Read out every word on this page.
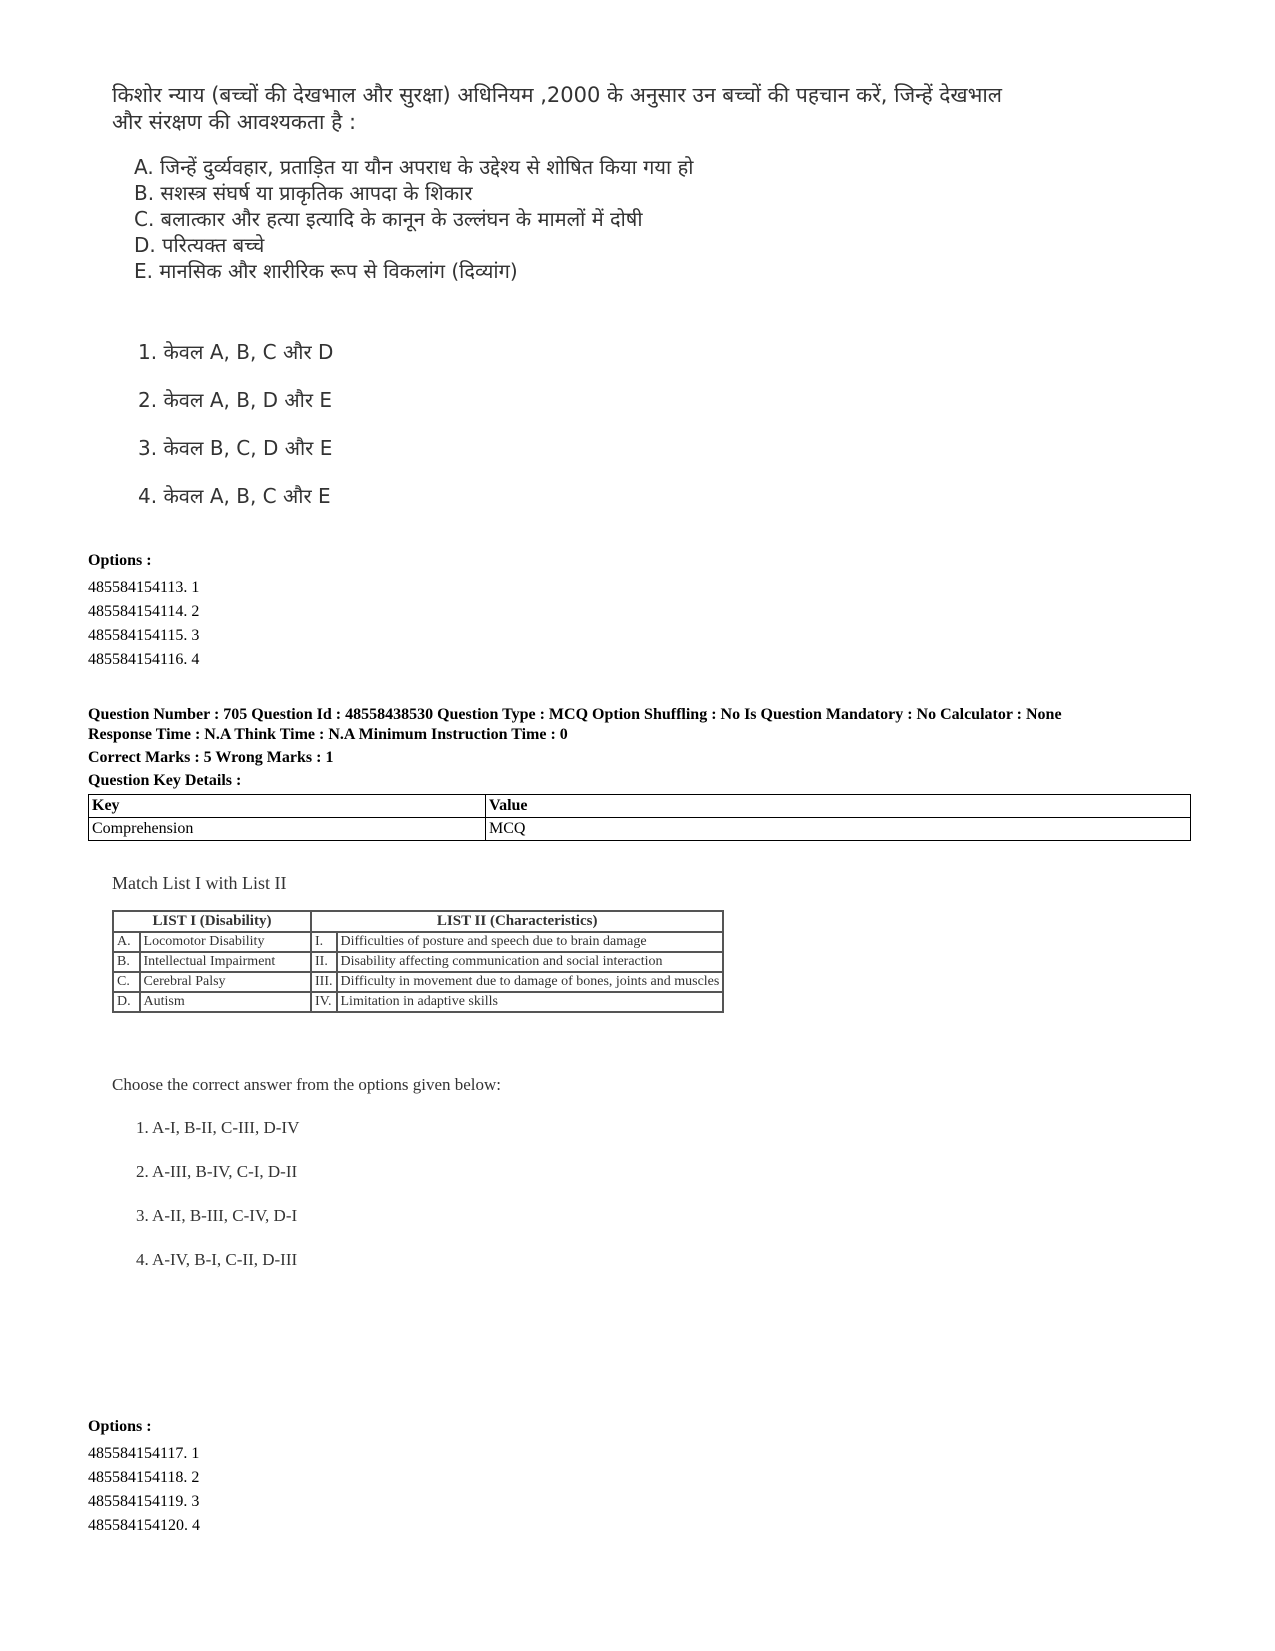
किशोर न्याय (बच्चों की देखभाल और सुरक्षा) अधिनियम ,2000 के अनुसार उन बच्चों की पहचान करें, जिन्हें देखभाल और संरक्षण की आवश्यकता है :

A. जिन्हें दुर्व्यवहार, प्रताड़ित या यौन अपराध के उद्देश्य से शोषित किया गया हो
B. सशस्त्र संघर्ष या प्राकृतिक आपदा के शिकार
C. बलात्कार और हत्या इत्यादि के कानून के उल्लंघन के मामलों में दोषी
D. परित्यक्त बच्चे
E. मानसिक और शारीरिक रूप से विकलांग (दिव्यांग)
1. केवल A, B, C और D
2. केवल A, B, D और E
3. केवल B, C, D और E
4. केवल A, B, C और E
Options :
485584154113. 1
485584154114. 2
485584154115. 3
485584154116. 4
Question Number : 705 Question Id : 48558438530 Question Type : MCQ Option Shuffling : No Is Question Mandatory : No Calculator : None
Response Time : N.A Think Time : N.A Minimum Instruction Time : 0
Correct Marks : 5 Wrong Marks : 1
Question Key Details :
Key	Value
Comprehension	MCQ

Match List I with List II

LIST I (Disability)		LIST II (Characteristics)	
A.	Locomotor Disability	I.	Difficulties of posture and speech due to brain damage
B.	Intellectual Impairment	II.	Disability affecting communication and social interaction
C.	Cerebral Palsy	III.	Difficulty in movement due to damage of bones, joints and muscles
D.	Autism	IV.	Limitation in adaptive skills
Choose the correct answer from the options given below:
1. A-I, B-II, C-III, D-IV
2. A-III, B-IV, C-I, D-II
3. A-II, B-III, C-IV, D-I
4. A-IV, B-I, C-II, D-III
Options :
485584154117. 1
485584154118. 2
485584154119. 3
485584154120. 4
